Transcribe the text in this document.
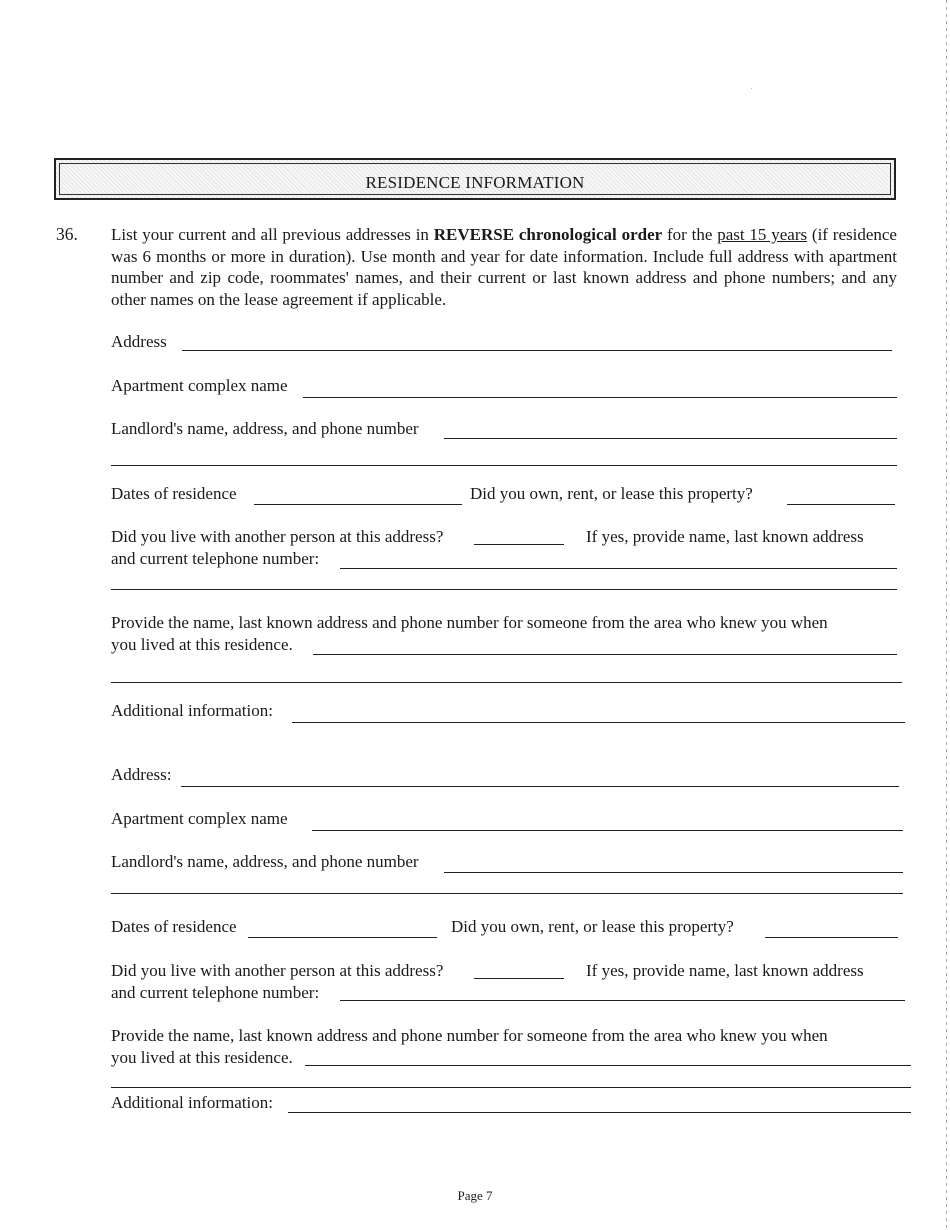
RESIDENCE INFORMATION
36. List your current and all previous addresses in REVERSE chronological order for the past 15 years (if residence was 6 months or more in duration). Use month and year for date information. Include full address with apartment number and zip code, roommates' names, and their current or last known address and phone numbers; and any other names on the lease agreement if applicable.
Address
Apartment complex name
Landlord's name, address, and phone number
Dates of residence	Did you own, rent, or lease this property?
Did you live with another person at this address?	If yes, provide name, last known address
and current telephone number:
Provide the name, last known address and phone number for someone from the area who knew you when
you lived at this residence.
Additional information:
Address:
Apartment complex name
Landlord's name, address, and phone number
Dates of residence	Did you own, rent, or lease this property?
Did you live with another person at this address?	If yes, provide name, last known address
and current telephone number:
Provide the name, last known address and phone number for someone from the area who knew you when
you lived at this residence.
Additional information:
Page 7
